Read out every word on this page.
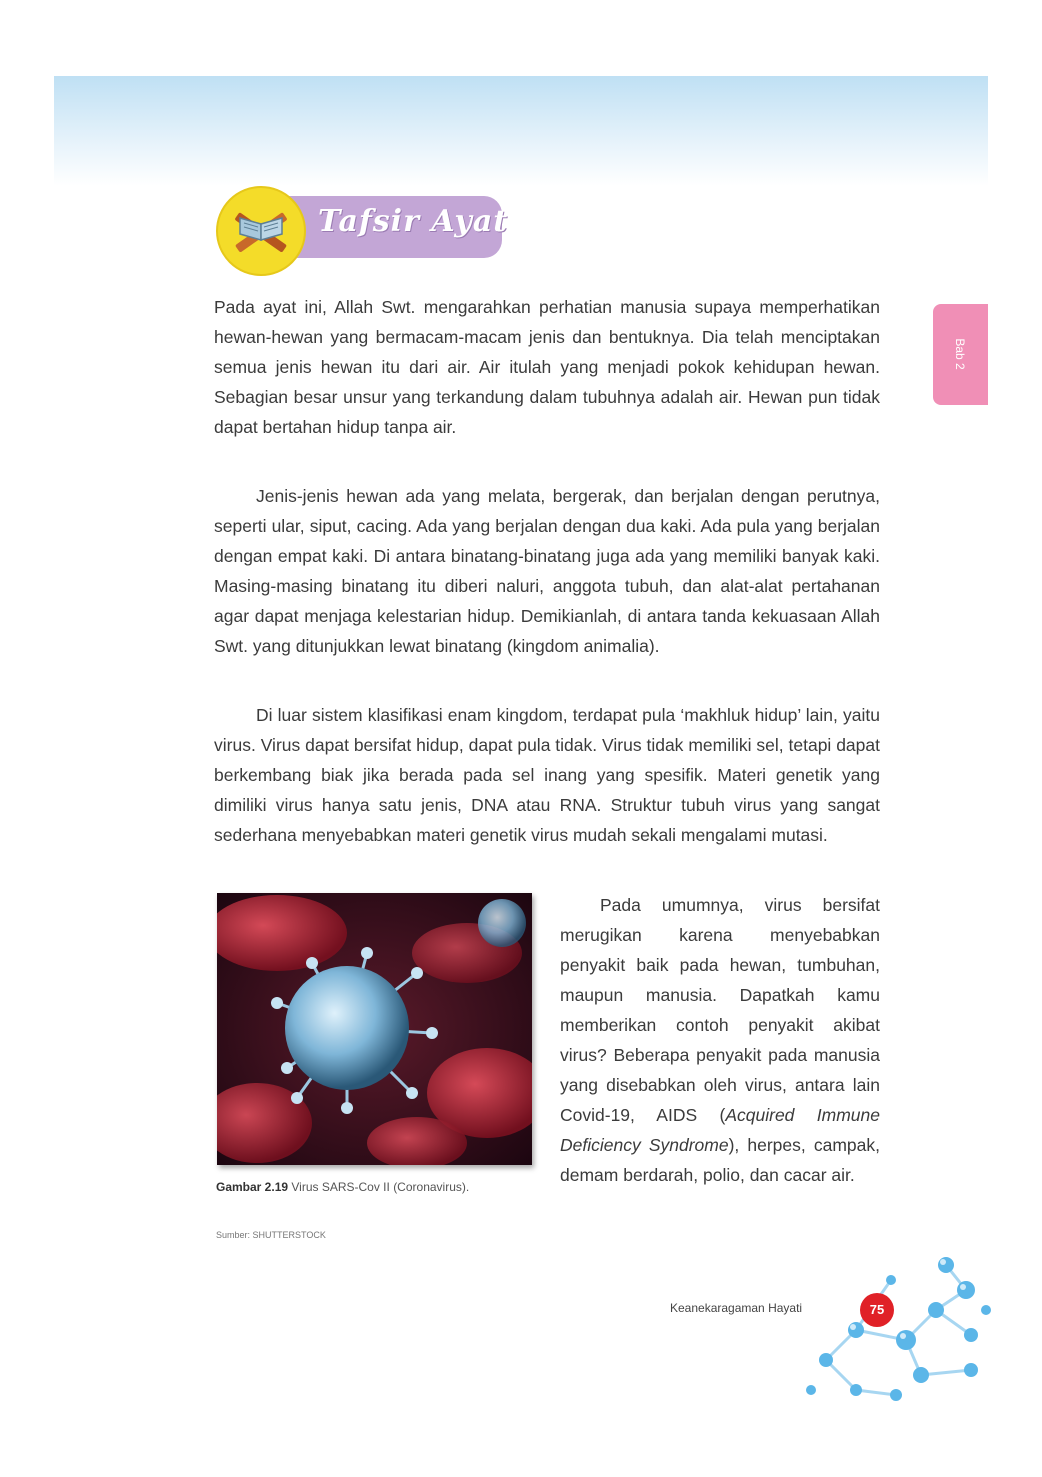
Tafsir Ayat
Bab 2

Pada ayat ini, Allah Swt. mengarahkan perhatian manusia supaya memperhatikan hewan-hewan yang bermacam-macam jenis dan bentuknya. Dia telah menciptakan semua jenis hewan itu dari air. Air itulah yang menjadi pokok kehidupan hewan. Sebagian besar unsur yang terkandung dalam tubuhnya adalah air. Hewan pun tidak dapat bertahan hidup tanpa air.

Jenis-jenis hewan ada yang melata, bergerak, dan berjalan dengan perutnya, seperti ular, siput, cacing. Ada yang berjalan dengan dua kaki. Ada pula yang berjalan dengan empat kaki. Di antara binatang-binatang juga ada yang memiliki banyak kaki. Masing-masing binatang itu diberi naluri, anggota tubuh, dan alat-alat pertahanan agar dapat menjaga kelestarian hidup. Demikianlah, di antara tanda kekuasaan Allah Swt. yang ditunjukkan lewat binatang (kingdom animalia).

Di luar sistem klasifikasi enam kingdom, terdapat pula ‘makhluk hidup’ lain, yaitu virus. Virus dapat bersifat hidup, dapat pula tidak. Virus tidak memiliki sel, tetapi dapat berkembang biak jika berada pada sel inang yang spesifik. Materi genetik yang dimiliki virus hanya satu jenis, DNA atau RNA. Struktur tubuh virus yang sangat sederhana menyebabkan materi genetik virus mudah sekali mengalami mutasi.

Gambar 2.19 Virus SARS-Cov II (Coronavirus).

Sumber: SHUTTERSTOCK

Pada umumnya, virus bersifat merugikan karena menyebabkan penyakit baik pada hewan, tumbuhan, maupun manusia. Dapatkah kamu memberikan contoh penyakit akibat virus? Beberapa penyakit pada manusia yang disebabkan oleh virus, antara lain Covid-19, AIDS (Acquired Immune Deficiency Syndrome), herpes, campak, demam berdarah, polio, dan cacar air.

Keanekaragaman Hayati	75
